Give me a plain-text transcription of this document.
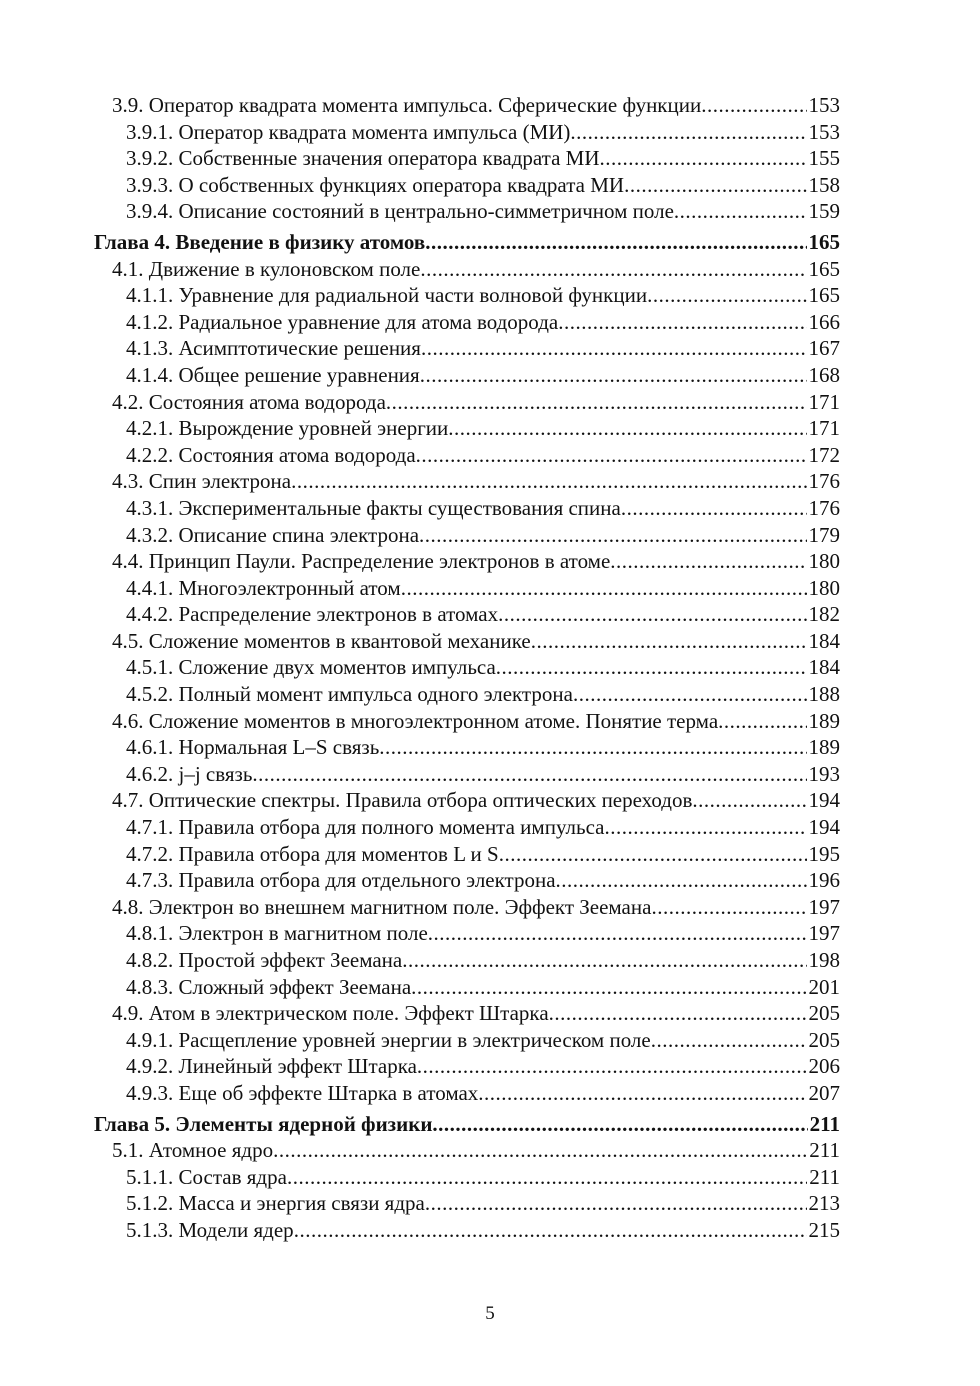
3.9. Оператор квадрата момента импульса. Сферические функции .....	153
3.9.1. Оператор квадрата момента импульса (МИ) .....	153
3.9.2. Собственные значения оператора квадрата МИ .....	155
3.9.3. О собственных функциях оператора квадрата МИ .....	158
3.9.4. Описание состояний в центрально-симметричном поле .....	159
Глава 4. Введение в физику атомов .....	165
4.1. Движение в кулоновском поле .....	165
4.1.1. Уравнение для радиальной части волновой функции .....	165
4.1.2. Радиальное уравнение для атома водорода .....	166
4.1.3. Асимптотические решения .....	167
4.1.4. Общее решение уравнения .....	168
4.2. Состояния атома водорода .....	171
4.2.1. Вырождение уровней энергии .....	171
4.2.2. Состояния атома водорода .....	172
4.3. Спин электрона .....	176
4.3.1. Экспериментальные факты существования спина .....	176
4.3.2. Описание спина электрона .....	179
4.4. Принцип Паули. Распределение электронов в атоме .....	180
4.4.1. Многоэлектронный атом .....	180
4.4.2. Распределение электронов в атомах .....	182
4.5. Сложение моментов в квантовой механике .....	184
4.5.1. Сложение двух моментов импульса .....	184
4.5.2. Полный момент импульса одного электрона .....	188
4.6. Сложение моментов в многоэлектронном атоме. Понятие терма .....	189
4.6.1. Нормальная L–S связь .....	189
4.6.2. j–j связь .....	193
4.7. Оптические спектры. Правила отбора оптических переходов .....	194
4.7.1. Правила отбора для полного момента импульса .....	194
4.7.2. Правила отбора для моментов L и S .....	195
4.7.3. Правила отбора для отдельного электрона .....	196
4.8. Электрон во внешнем магнитном поле. Эффект Зеемана .....	197
4.8.1. Электрон в магнитном поле .....	197
4.8.2. Простой эффект Зеемана .....	198
4.8.3. Сложный эффект Зеемана .....	201
4.9. Атом в электрическом поле. Эффект Штарка .....	205
4.9.1. Расщепление уровней энергии в электрическом поле .....	205
4.9.2. Линейный эффект Штарка .....	206
4.9.3. Еще об эффекте Штарка в атомах .....	207
Глава 5. Элементы ядерной физики .....	211
5.1. Атомное ядро .....	211
5.1.1. Состав ядра .....	211
5.1.2. Масса и энергия связи ядра .....	213
5.1.3. Модели ядер .....	215
5
